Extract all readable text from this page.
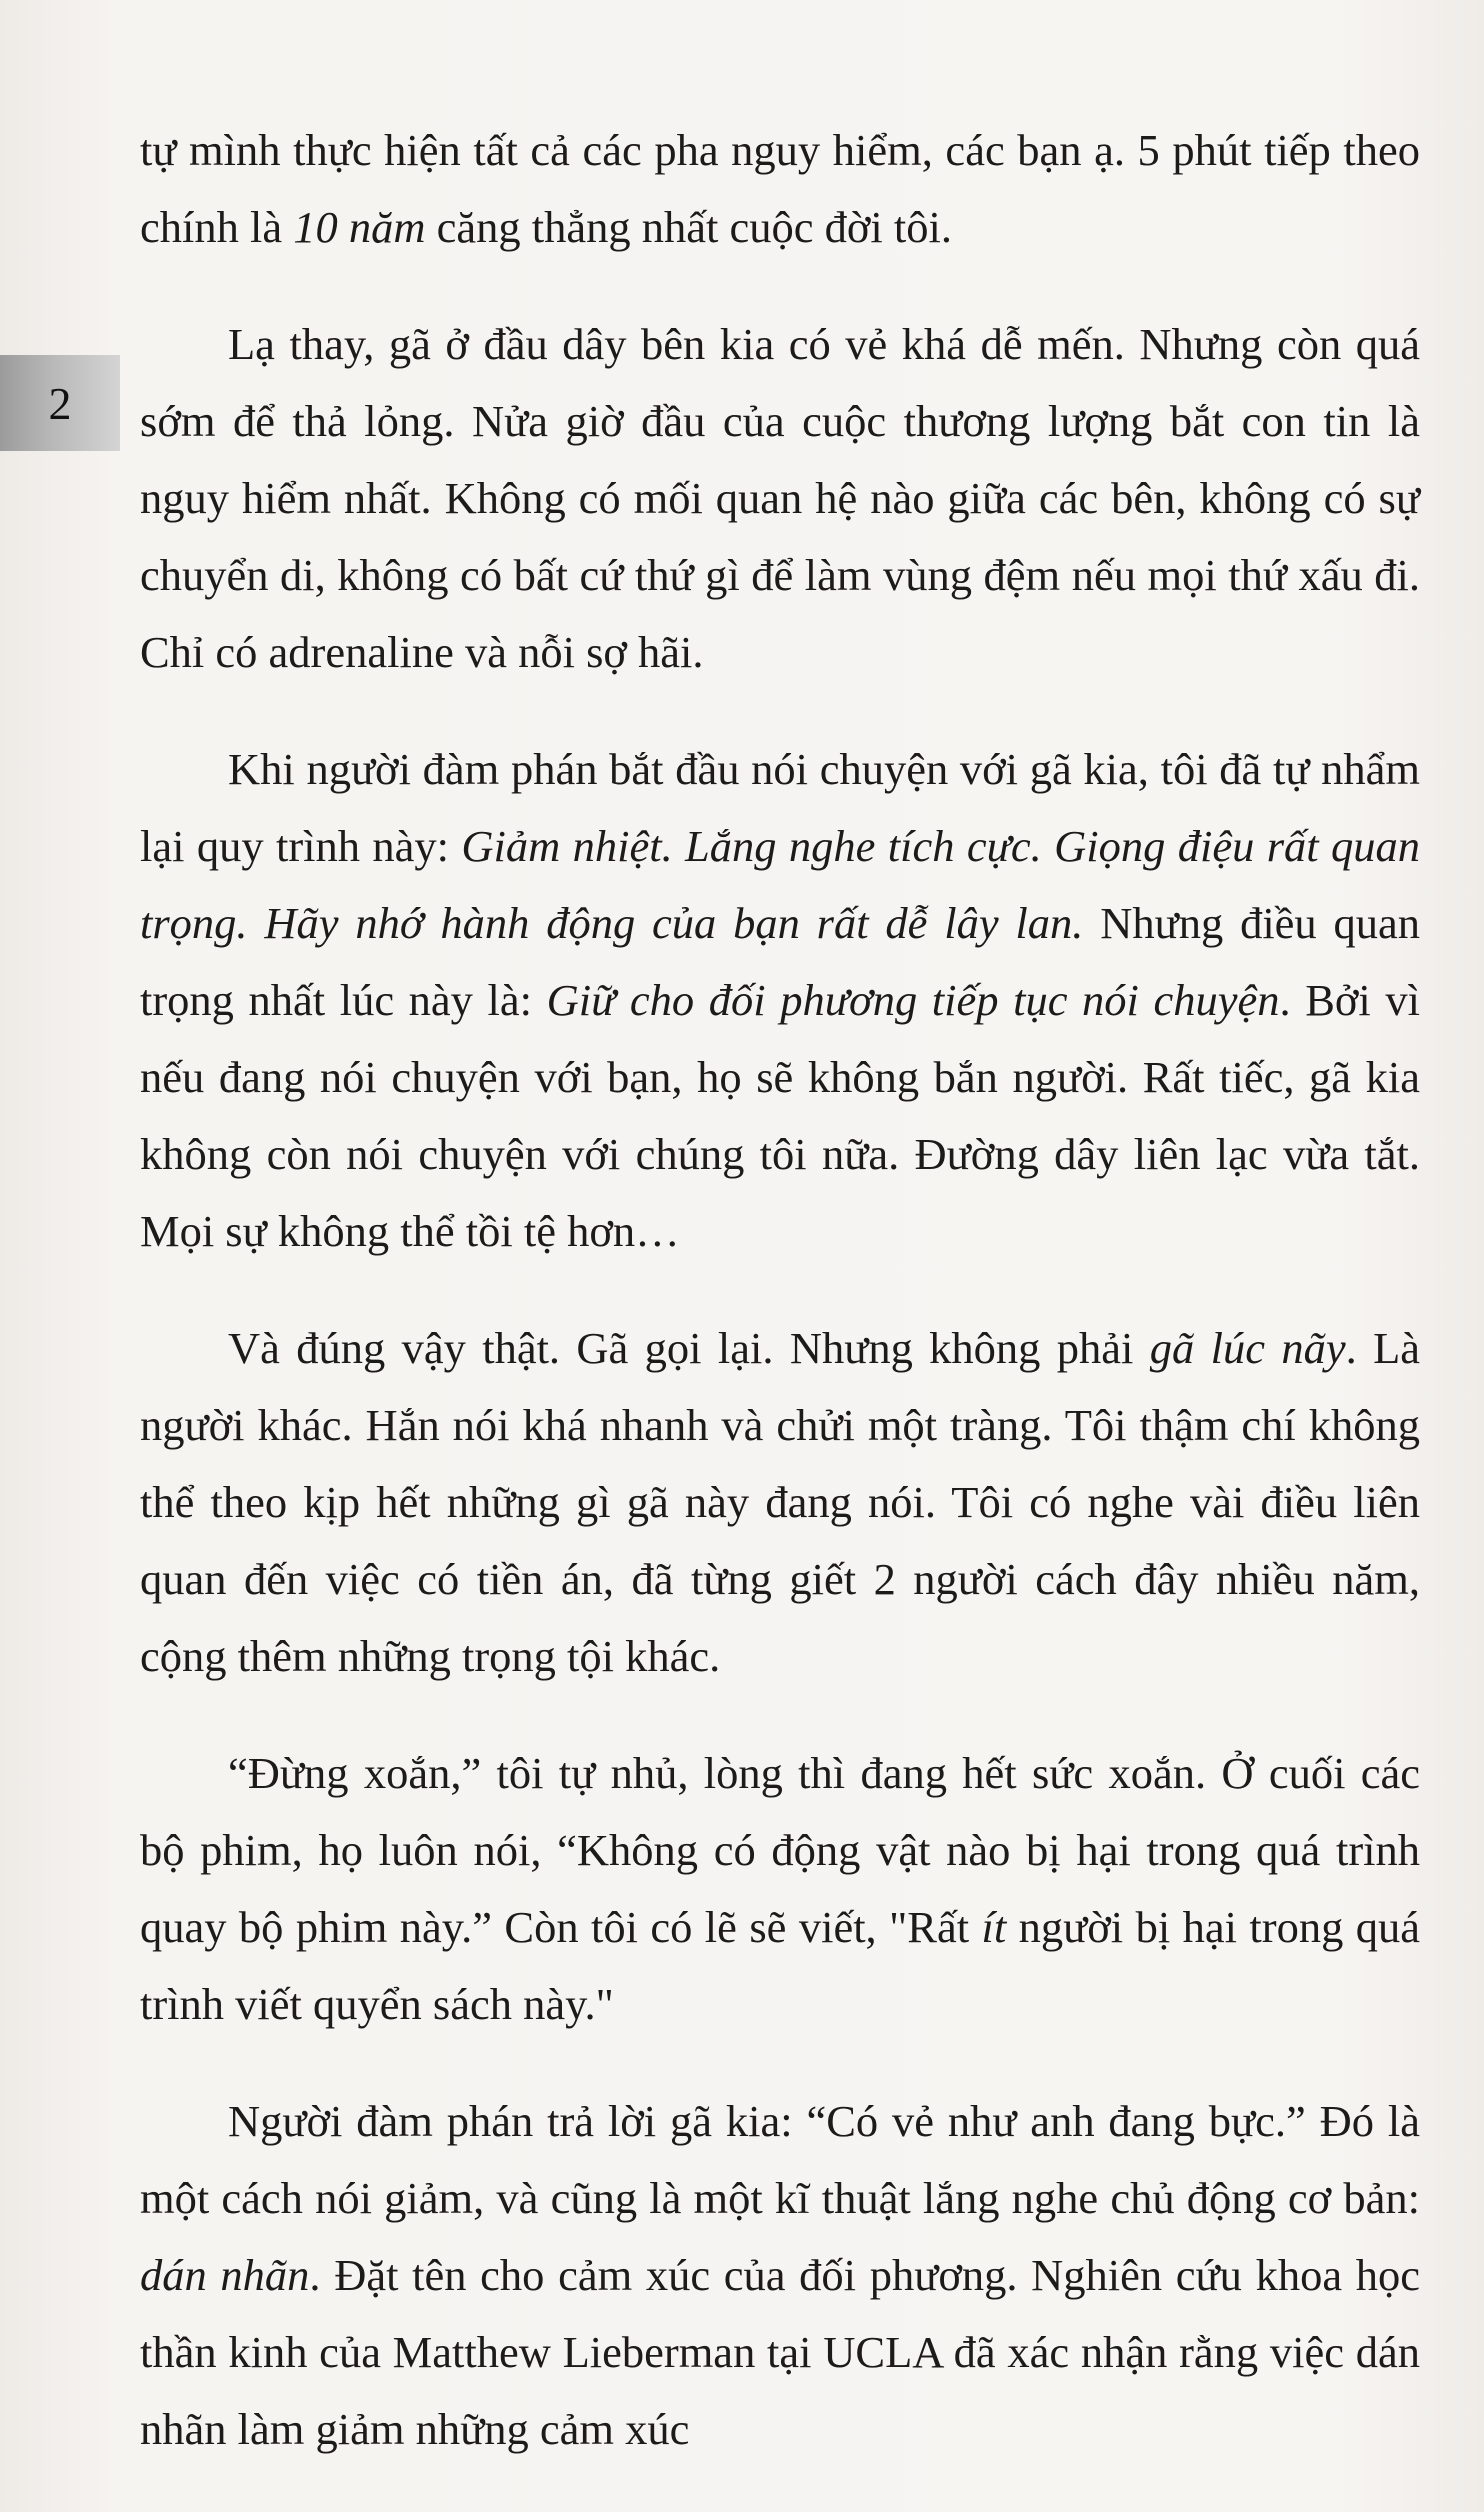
2

tự mình thực hiện tất cả các pha nguy hiểm, các bạn ạ. 5 phút tiếp theo chính là 10 năm căng thẳng nhất cuộc đời tôi.

Lạ thay, gã ở đầu dây bên kia có vẻ khá dễ mến. Nhưng còn quá sớm để thả lỏng. Nửa giờ đầu của cuộc thương lượng bắt con tin là nguy hiểm nhất. Không có mối quan hệ nào giữa các bên, không có sự chuyển di, không có bất cứ thứ gì để làm vùng đệm nếu mọi thứ xấu đi. Chỉ có adrenaline và nỗi sợ hãi.

Khi người đàm phán bắt đầu nói chuyện với gã kia, tôi đã tự nhẩm lại quy trình này: Giảm nhiệt. Lắng nghe tích cực. Giọng điệu rất quan trọng. Hãy nhớ hành động của bạn rất dễ lây lan. Nhưng điều quan trọng nhất lúc này là: Giữ cho đối phương tiếp tục nói chuyện. Bởi vì nếu đang nói chuyện với bạn, họ sẽ không bắn người. Rất tiếc, gã kia không còn nói chuyện với chúng tôi nữa. Đường dây liên lạc vừa tắt. Mọi sự không thể tồi tệ hơn…

Và đúng vậy thật. Gã gọi lại. Nhưng không phải gã lúc nãy. Là người khác. Hắn nói khá nhanh và chửi một tràng. Tôi thậm chí không thể theo kịp hết những gì gã này đang nói. Tôi có nghe vài điều liên quan đến việc có tiền án, đã từng giết 2 người cách đây nhiều năm, cộng thêm những trọng tội khác.

“Đừng xoắn,” tôi tự nhủ, lòng thì đang hết sức xoắn. Ở cuối các bộ phim, họ luôn nói, “Không có động vật nào bị hại trong quá trình quay bộ phim này.” Còn tôi có lẽ sẽ viết, "Rất ít người bị hại trong quá trình viết quyển sách này."

Người đàm phán trả lời gã kia: “Có vẻ như anh đang bực.” Đó là một cách nói giảm, và cũng là một kĩ thuật lắng nghe chủ động cơ bản: dán nhãn. Đặt tên cho cảm xúc của đối phương. Nghiên cứu khoa học thần kinh của Matthew Lieberman tại UCLA đã xác nhận rằng việc dán nhãn làm giảm những cảm xúc
